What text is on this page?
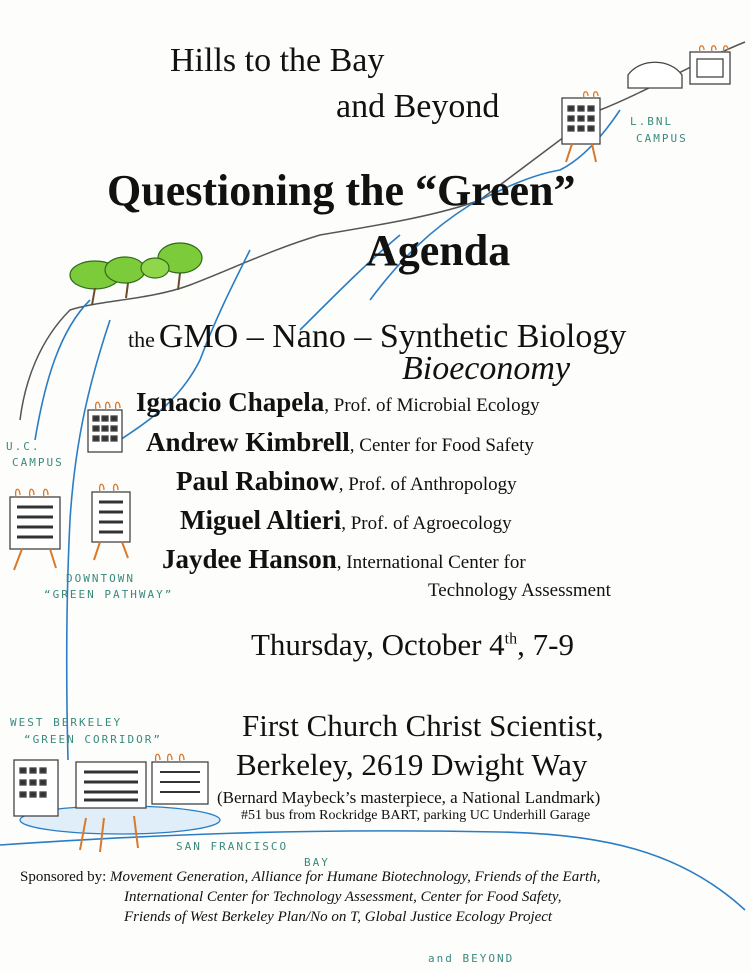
L.BNL
CAMPUS
U.C.
CAMPUS
DOWNTOWN
“GREEN PATHWAY”
WEST BERKELEY
“GREEN CORRIDOR”
SAN FRANCISCO
BAY
and BEYOND
Hills to the Bay
and Beyond
Questioning the “Green”
Agenda
the GMO – Nano – Synthetic Biology
Bioeconomy
Ignacio Chapela, Prof. of Microbial Ecology
Andrew Kimbrell, Center for Food Safety
Paul Rabinow, Prof. of Anthropology
Miguel Altieri, Prof. of Agroecology
Jaydee Hanson, International Center for
Technology Assessment
Thursday, October 4th, 7-9
First Church Christ Scientist,
Berkeley, 2619 Dwight Way
(Bernard Maybeck’s masterpiece, a National Landmark)
#51 bus from Rockridge BART, parking UC Underhill Garage
Sponsored by: Movement Generation, Alliance for Humane Biotechnology, Friends of the Earth,
International Center for Technology Assessment, Center for Food Safety,
Friends of West Berkeley Plan/No on T, Global Justice Ecology Project
